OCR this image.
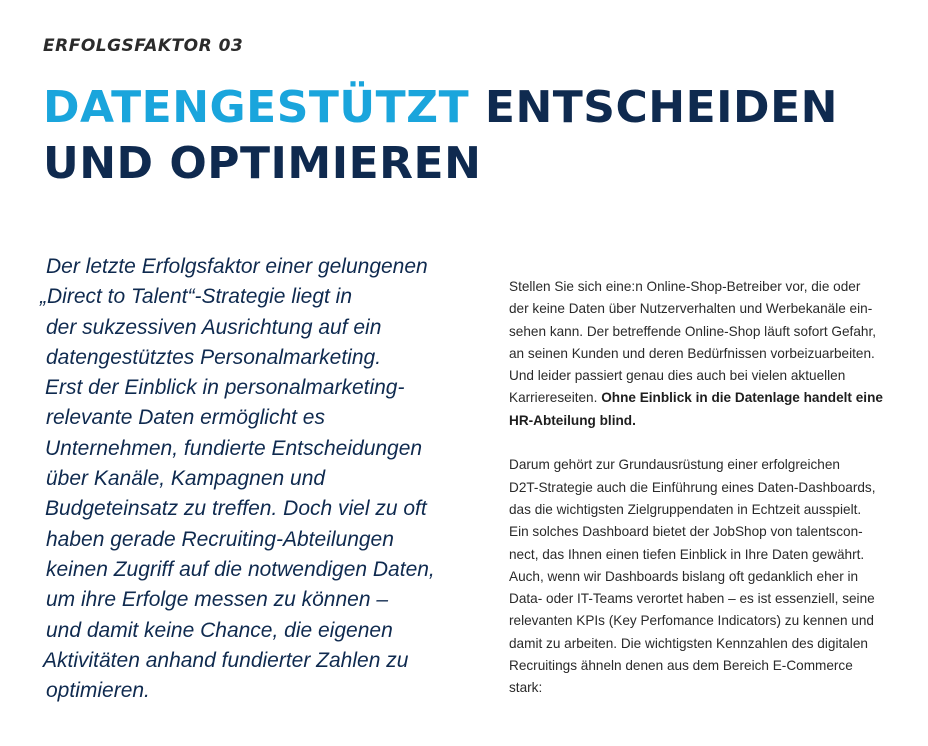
ERFOLGSFAKTOR 03
DATENGESTÜTZT ENTSCHEIDEN
UND OPTIMIEREN
Der letzte Erfolgsfaktor einer gelungenen
„Direct to Talent“-Strategie liegt in
der sukzessiven Ausrichtung auf ein
datengestütztes Personalmarketing.
Erst der Einblick in personalmarketing-
relevante Daten ermöglicht es
Unternehmen, fundierte Entscheidungen
über Kanäle, Kampagnen und
Budgeteinsatz zu treffen. Doch viel zu oft
haben gerade Recruiting-Abteilungen
keinen Zugriff auf die notwendigen Daten,
um ihre Erfolge messen zu können –
und damit keine Chance, die eigenen
Aktivitäten anhand fundierter Zahlen zu
optimieren.

Stellen Sie sich eine:n Online-Shop-Betreiber vor, die oder
der keine Daten über Nutzerverhalten und Werbekanäle ein-
sehen kann. Der betreffende Online-Shop läuft sofort Gefahr,
an seinen Kunden und deren Bedürfnissen vorbeizuarbeiten.
Und leider passiert genau dies auch bei vielen aktuellen
Karriereseiten. Ohne Einblick in die Datenlage handelt eine
HR-Abteilung blind.

Darum gehört zur Grundausrüstung einer erfolgreichen
D2T-Strategie auch die Einführung eines Daten-Dashboards,
das die wichtigsten Zielgruppendaten in Echtzeit ausspielt.
Ein solches Dashboard bietet der JobShop von talentscon-
nect, das Ihnen einen tiefen Einblick in Ihre Daten gewährt.
Auch, wenn wir Dashboards bislang oft gedanklich eher in
Data- oder IT-Teams verortet haben – es ist essenziell, seine
relevanten KPIs (Key Perfomance Indicators) zu kennen und
damit zu arbeiten. Die wichtigsten Kennzahlen des digitalen
Recruitings ähneln denen aus dem Bereich E-Commerce
stark:
